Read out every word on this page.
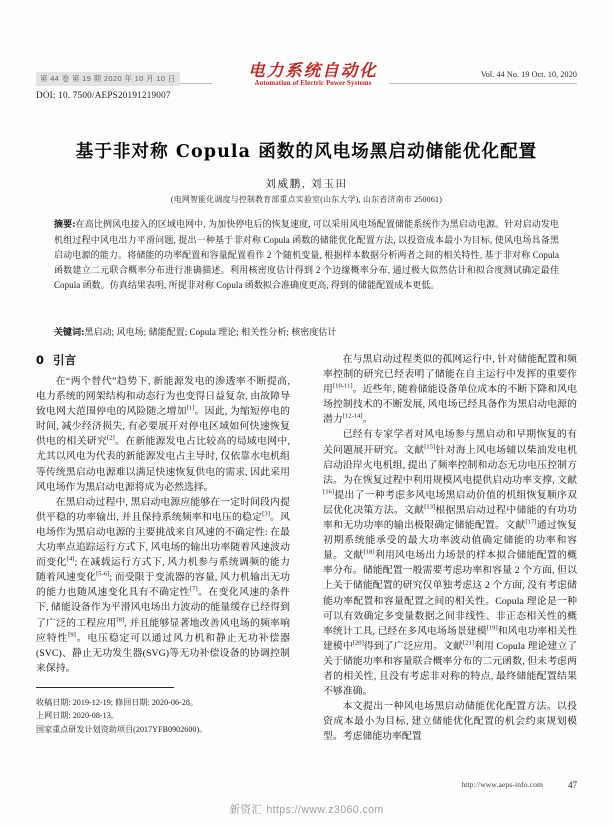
第 44 卷 第 19 期 2020 年 10 月 10 日
DOI: 10. 7500/AEPS20191219007
电力系统自动化
Automation of Electric Power Systems
Vol. 44 No. 19 Oct. 10, 2020
基于非对称 Copula 函数的风电场黑启动储能优化配置
刘威鹏, 刘玉田
(电网智能化调度与控制教育部重点实验室(山东大学), 山东省济南市 250061)
摘要:在高比例风电接入的区域电网中, 为加快停电后的恢复速度, 可以采用风电场配置储能系统作为黑启动电源。针对启动发电机组过程中风电出力平滑问题, 提出一种基于非对称 Copula 函数的储能优化配置方法, 以投资成本最小为目标, 使风电场具备黑启动电源的能力。将储能的功率配置和容量配置看作 2 个随机变量, 根据样本数据分析两者之间的相关特性, 基于非对称 Copula 函数建立二元联合概率分布进行准确描述。利用核密度估计得到 2 个边缘概率分布, 通过极大似然估计和拟合度测试确定最佳 Copula 函数。仿真结果表明, 所提非对称 Copula 函数拟合准确度更高, 得到的储能配置成本更低。
关键词:黑启动; 风电场; 储能配置; Copula 理论; 相关性分析; 核密度估计
0 引言

在“两个替代”趋势下, 新能源发电的渗透率不断提高, 电力系统的网架结构和动态行为也变得日益复杂, 由故障导致电网大范围停电的风险随之增加[1]。因此, 为缩短停电的时间, 减少经济损失, 有必要展开对停电区域如何快速恢复供电的相关研究[2]。在新能源发电占比较高的局域电网中, 尤其以风电为代表的新能源发电占主导时, 仅依靠水电机组等传统黑启动电源难以满足快速恢复供电的需求, 因此采用风电场作为黑启动电源将成为必然选择。

在黑启动过程中, 黑启动电源应能够在一定时间段内提供平稳的功率输出, 并且保持系统频率和电压的稳定[3]。风电场作为黑启动电源的主要挑战来自风速的不确定性: 在最大功率点追踪运行方式下, 风电场的输出功率随着风速波动而变化[4]; 在减载运行方式下, 风力机参与系统调频的能力随着风速变化[5-6]; 而受限于变流器的容量, 风力机输出无功的能力也随风速变化具有不确定性[7]。在变化风速的条件下, 储能设备作为平滑风电场出力波动的能量缓存已经得到了广泛的工程应用[8], 并且能够显著地改善风电场的频率响应特性[9]。电压稳定可以通过风力机和静止无功补偿器(SVC)、静止无功发生器(SVG)等无功补偿设备的协调控制来保持。

收稿日期: 2019-12-19; 修回日期: 2020-06-28。
上网日期: 2020-08-13。
国家重点研发计划资助项目(2017YFB0902600)。

在与黑启动过程类似的孤网运行中, 针对储能配置和频率控制的研究已经表明了储能在自主运行中发挥的重要作用[10-11]。近些年, 随着储能设备单位成本的不断下降和风电场控制技术的不断发展, 风电场已经具备作为黑启动电源的潜力[12-14]。

已经有专家学者对风电场参与黑启动和早期恢复的有关问题展开研究。文献[15]针对海上风电场辅以柴油发电机启动沿岸火电机组, 提出了频率控制和动态无功电压控制方法。为在恢复过程中利用规模风电提供启动功率支撑, 文献[16]提出了一种考虑多风电场黑启动价值的机组恢复顺序双层优化决策方法。文献[13]根据黑启动过程中储能的有功功率和无功功率的输出极限确定储能配置。文献[17]通过恢复初期系统能承受的最大功率波动值确定储能的功率和容量。文献[18]利用风电场出力场景的样本拟合储能配置的概率分布。储能配置一般需要考虑功率和容量 2 个方面, 但以上关于储能配置的研究仅单独考虑这 2 个方面, 没有考虑储能功率配置和容量配置之间的相关性。Copula 理论是一种可以有效确定多变量数据之间非线性、非正态相关性的概率统计工具, 已经在多风电场场景建模[19]和风电功率相关性建模中[20]得到了广泛应用。文献[21]利用 Copula 理论建立了关于储能功率和容量联合概率分布的二元函数, 但未考虑两者的相关性, 且没有考虑非对称的特点, 最终储能配置结果不够准确。

本文提出一种风电场黑启动储能优化配置方法。以投资成本最小为目标, 建立储能优化配置的机会约束规划模型。考虑储能功率配置

http://www.aeps-info.com	47
新资汇 https://www.z3060.com
